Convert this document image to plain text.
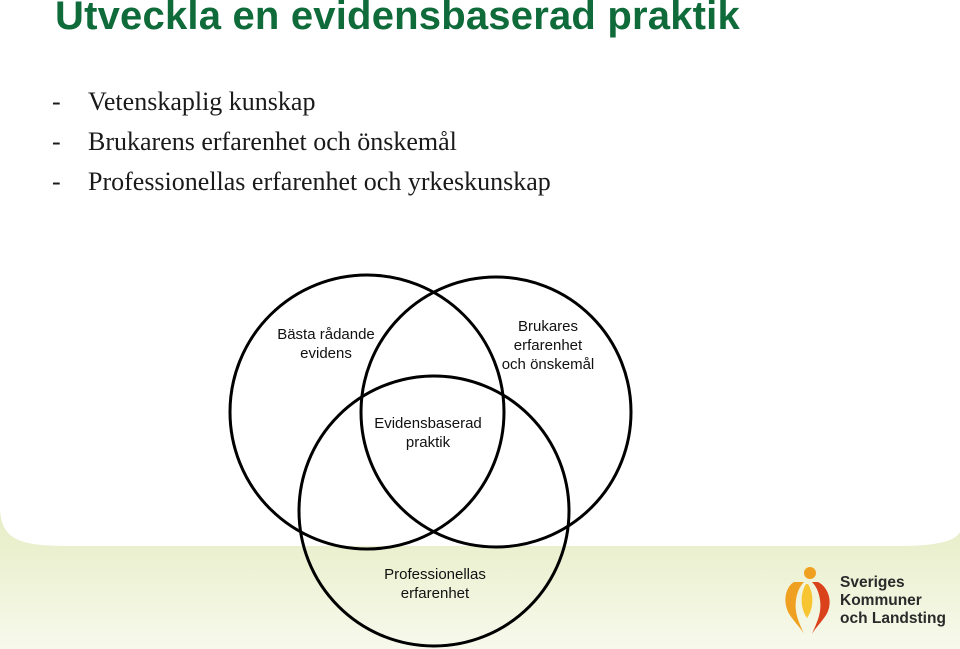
Utveckla en evidensbaserad praktik
- Vetenskaplig kunskap
- Brukarens erfarenhet och önskemål
- Professionellas erfarenhet och yrkeskunskap
Bästa rådande
evidens
Brukares
erfarenhet
och önskemål
Evidensbaserad
praktik
Professionellas
erfarenhet
Sveriges
Kommuner
och Landsting
